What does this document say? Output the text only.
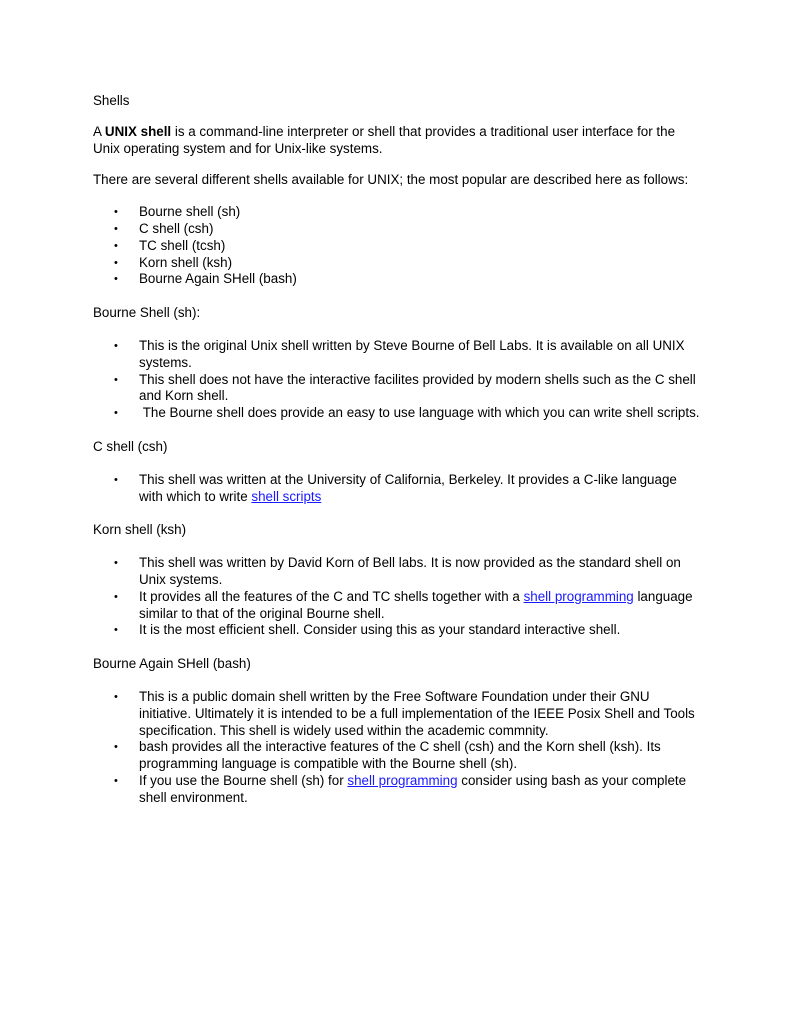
Shells

A UNIX shell is a command-line interpreter or shell that provides a traditional user interface for the Unix operating system and for Unix-like systems.

There are several different shells available for UNIX; the most popular are described here as follows:

• Bourne shell (sh)
• C shell (csh)
• TC shell (tcsh)
• Korn shell (ksh)
• Bourne Again SHell (bash)

Bourne Shell (sh):

• This is the original Unix shell written by Steve Bourne of Bell Labs. It is available on all UNIX systems.
• This shell does not have the interactive facilites provided by modern shells such as the C shell and Korn shell.
• The Bourne shell does provide an easy to use language with which you can write shell scripts.

C shell (csh)

• This shell was written at the University of California, Berkeley. It provides a C-like language with which to write shell scripts

Korn shell (ksh)

• This shell was written by David Korn of Bell labs. It is now provided as the standard shell on Unix systems.
• It provides all the features of the C and TC shells together with a shell programming language similar to that of the original Bourne shell.
• It is the most efficient shell. Consider using this as your standard interactive shell.

Bourne Again SHell (bash)

• This is a public domain shell written by the Free Software Foundation under their GNU initiative. Ultimately it is intended to be a full implementation of the IEEE Posix Shell and Tools specification. This shell is widely used within the academic commnity.
• bash provides all the interactive features of the C shell (csh) and the Korn shell (ksh). Its programming language is compatible with the Bourne shell (sh).
• If you use the Bourne shell (sh) for shell programming consider using bash as your complete shell environment.
